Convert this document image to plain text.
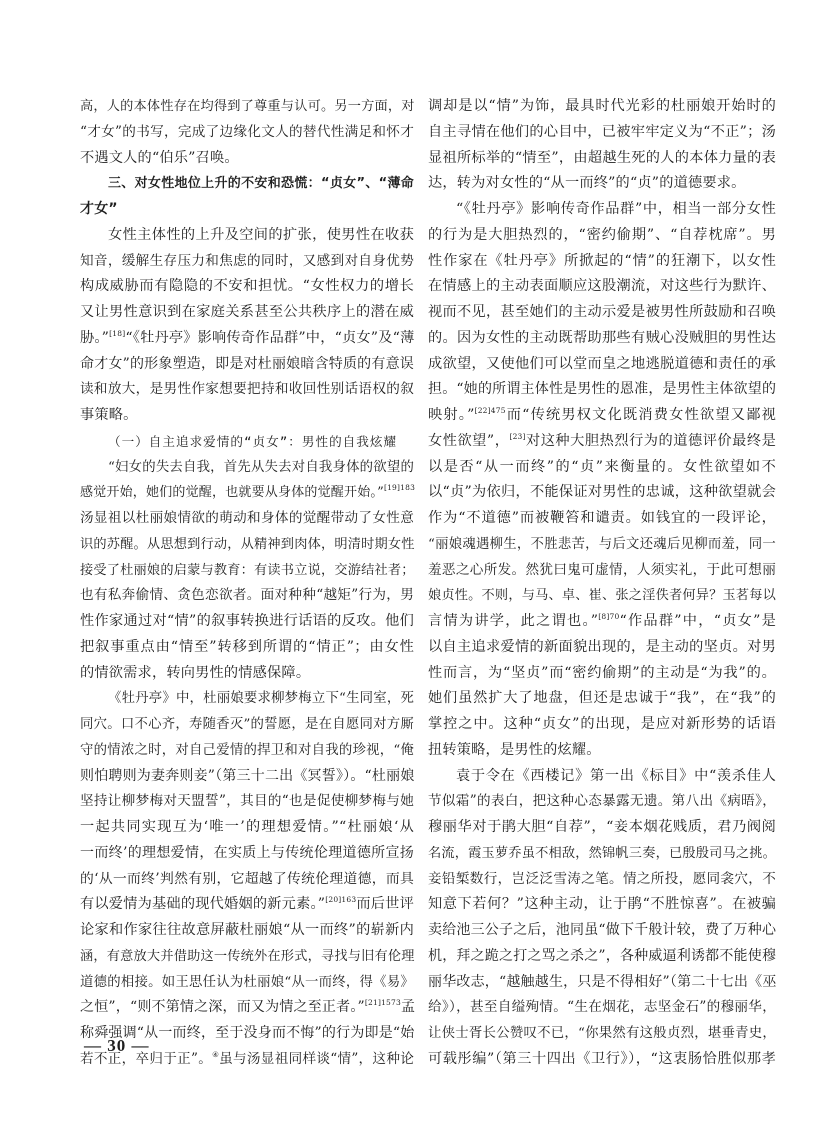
高，人的本体性存在均得到了尊重与认可。另一方面，对
“才女”的书写，完成了边缘化文人的替代性满足和怀才
不遇文人的“伯乐”召唤。
三、对女性地位上升的不安和恐慌：“贞女”、“薄命
才女”
女性主体性的上升及空间的扩张，使男性在收获
知音，缓解生存压力和焦虑的同时，又感到对自身优势
构成威胁而有隐隐的不安和担忧。“女性权力的增长
又让男性意识到在家庭关系甚至公共秩序上的潜在威
胁。”[18]“《牡丹亭》影响传奇作品群”中，“贞女”及“薄
命才女”的形象塑造，即是对杜丽娘暗含特质的有意误
读和放大，是男性作家想要把持和收回性别话语权的叙
事策略。
（一）自主追求爱情的“贞女”：男性的自我炫耀
“妇女的失去自我，首先从失去对自我身体的欲望的
感觉开始，她们的觉醒，也就要从身体的觉醒开始。”$^{[19]183}$
汤显祖以杜丽娘情欲的萌动和身体的觉醒带动了女性意
识的苏醒。从思想到行动，从精神到肉体，明清时期女性
接受了杜丽娘的启蒙与教育：有读书立说，交游结社者；
也有私奔偷情、贪色恋欲者。面对种种“越矩”行为，男
性作家通过对“情”的叙事转换进行话语的反攻。他们
把叙事重点由“情至”转移到所谓的“情正”；由女性
的情欲需求，转向男性的情感保障。
《牡丹亭》中，杜丽娘要求柳梦梅立下“生同室，死
同穴。口不心齐，寿随香灭”的誓愿，是在自愿同对方厮
守的情浓之时，对自己爱情的捍卫和对自我的珍视，“俺
则怕聘则为妻奔则妾”（第三十二出《冥誓》）。“杜丽娘
坚持让柳梦梅对天盟誓”，其目的“也是促使柳梦梅与她
一起共同实现互为‘唯一’的理想爱情。”“杜丽娘‘从
一而终’的理想爱情，在实质上与传统伦理道德所宣扬
的‘从一而终’判然有别，它超越了传统伦理道德，而具
有以爱情为基础的现代婚姻的新元素。”$^{[20]163}$而后世评
论家和作家往往故意屏蔽杜丽娘“从一而终”的崭新内
涵，有意放大并借助这一传统外在形式，寻找与旧有伦理
道德的相接。如王思任认为杜丽娘“从一而终，得《易》
之恒”，“则不第情之深，而又为情之至正者。”$^{[21]1573}$孟
称舜强调“从一而终，至于没身而不悔”的行为即是“始
若不正，卒归于正”。④虽与汤显祖同样谈“情”，这种论
调却是以“情”为饰，最具时代光彩的杜丽娘开始时的
自主寻情在他们的心目中，已被牢牢定义为“不正”；汤
显祖所标举的“情至”，由超越生死的人的本体力量的表
达，转为对女性的“从一而终”的“贞”的道德要求。
“《牡丹亭》影响传奇作品群”中，相当一部分女性
的行为是大胆热烈的，“密约偷期”、“自荐枕席”。男
性作家在《牡丹亭》所掀起的“情”的狂潮下，以女性
在情感上的主动表面顺应这股潮流，对这些行为默许、
视而不见，甚至她们的主动示爱是被男性所鼓励和召唤
的。因为女性的主动既帮助那些有贼心没贼胆的男性达
成欲望，又使他们可以堂而皇之地逃脱道德和责任的承
担。“她的所谓主体性是男性的恩准，是男性主体欲望的
映射。”$^{[22]475}$而“传统男权文化既消费女性欲望又鄙视
女性欲望”，[23]对这种大胆热烈行为的道德评价最终是
以是否“从一而终”的“贞”来衡量的。女性欲望如不
以“贞”为依归，不能保证对男性的忠诚，这种欲望就会
作为“不道德”而被鞭笞和谴责。如钱宜的一段评论，
“丽娘魂遇柳生，不胜悲苦，与后文还魂后见柳而羞，同一
羞恶之心所发。然犹曰鬼可虚情，人须实礼，于此可想丽
娘贞性。不则，与马、卓、崔、张之淫佚者何异？玉茗每以
言情为讲学，此之谓也。”$^{[8]70}$“作品群”中，“贞女”是
以自主追求爱情的新面貌出现的，是主动的坚贞。对男
性而言，为“坚贞”而“密约偷期”的主动是“为我”的。
她们虽然扩大了地盘，但还是忠诚于“我”，在“我”的
掌控之中。这种“贞女”的出现，是应对新形势的话语
扭转策略，是男性的炫耀。
袁于令在《西楼记》第一出《标目》中“羡杀佳人
节似霜”的表白，把这种心态暴露无遗。第八出《病晤》，
穆丽华对于鹃大胆“自荐”，“妾本烟花贱质，君乃阀阅
名流，霞玉萝乔虽不相敌，然锦帆三奏，已殷殷司马之挑。
妾铅椠数行，岂泛泛雪涛之笔。情之所投，愿同衾穴，不
知意下若何？”这种主动，让于鹃“不胜惊喜”。在被骗
卖给池三公子之后，池同虽“做下千般计较，费了万种心
机，拜之跪之打之骂之杀之”，各种威逼利诱都不能使穆
丽华改志，“越触越生，只是不得相好”（第二十七出《巫
给》），甚至自缢殉情。“生在烟花，志坚金石”的穆丽华，
让侠士胥长公赞叹不已，“你果然有这般贞烈，堪垂青史，
可载彤编”（第三十四出《卫行》），“这衷肠恰胜似那孝
— 30 —
